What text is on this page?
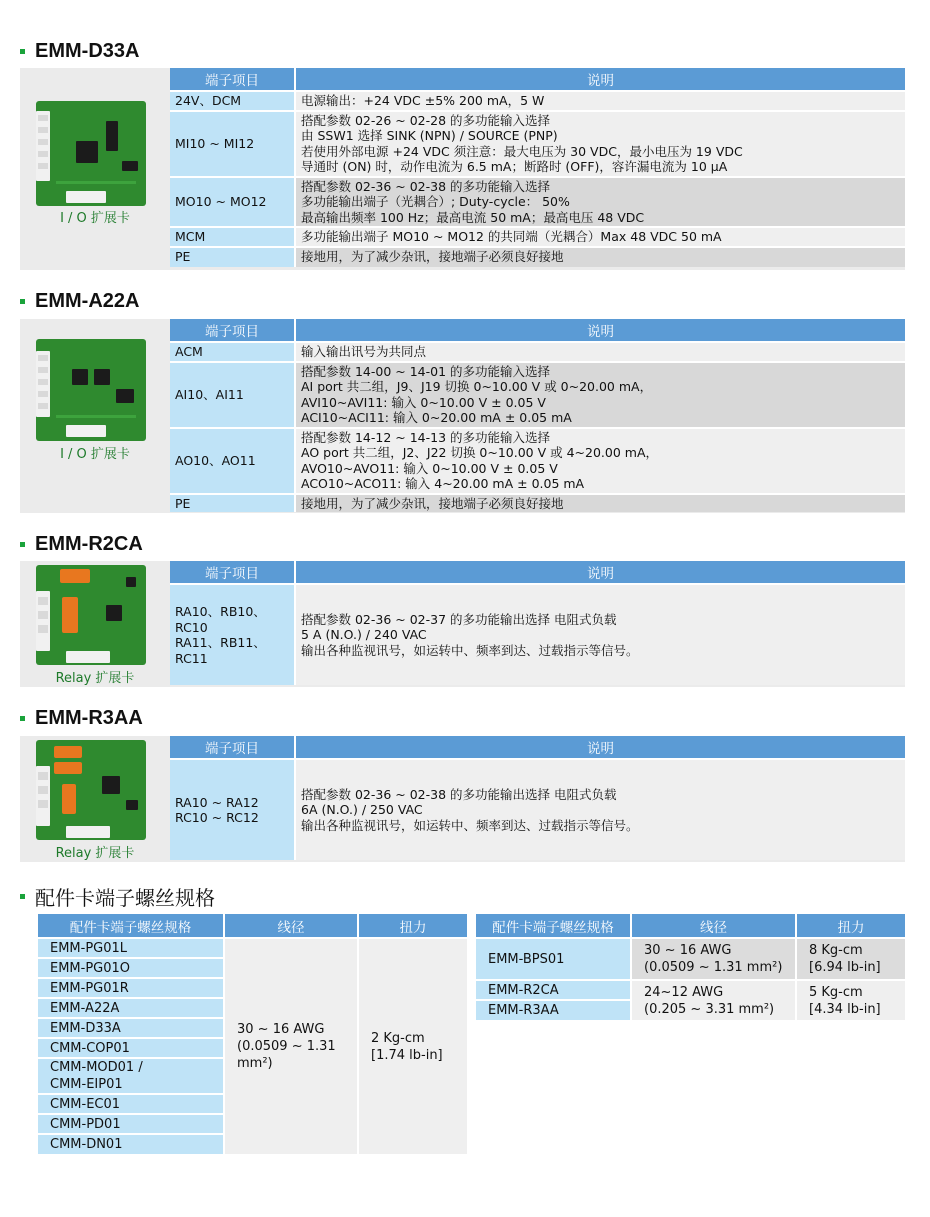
EMM-D33A
I / O 扩展卡
端子项目	说明

24V、DCM	电源输出：+24 VDC ±5% 200 mA，5 W

MI10 ~ MI12	搭配参数 02-26 ~ 02-28 的多功能输入选择
由 SSW1 选择 SINK (NPN) / SOURCE (PNP)
若使用外部电源 +24 VDC 须注意：最大电压为 30 VDC，最小电压为 19 VDC
导通时 (ON) 时，动作电流为 6.5 mA；断路时 (OFF)，容许漏电流为 10 μA

MO10 ~ MO12	搭配参数 02-36 ~ 02-38 的多功能输入选择
多功能输出端子（光耦合）; Duty-cycle： 50%
最高输出频率 100 Hz；最高电流 50 mA；最高电压 48 VDC

MCM	多功能输出端子 MO10 ~ MO12 的共同端（光耦合）Max 48 VDC 50 mA

PE	接地用，为了减少杂讯，接地端子必须良好接地
EMM-A22A
I / O 扩展卡
端子项目	说明

ACM	输入输出讯号为共同点

AI10、AI11	搭配参数 14-00 ~ 14-01 的多功能输入选择
AI port 共二组，J9、J19 切换 0~10.00 V 或 0~20.00 mA，
AVI10~AVI11: 输入 0~10.00 V ± 0.05 V
ACI10~ACI11: 输入 0~20.00 mA ± 0.05 mA

AO10、AO11	搭配参数 14-12 ~ 14-13 的多功能输入选择
AO port 共二组，J2、J22 切换 0~10.00 V 或 4~20.00 mA，
AVO10~AVO11: 输入 0~10.00 V ± 0.05 V
ACO10~ACO11: 输入 4~20.00 mA ± 0.05 mA

PE	接地用，为了减少杂讯，接地端子必须良好接地
EMM-R2CA
Relay 扩展卡
端子项目	说明

RA10、RB10、
RC10
RA11、RB11、
RC11	搭配参数 02-36 ~ 02-37 的多功能输出选择 电阻式负载
5 A (N.O.) / 240 VAC
输出各种监视讯号，如运转中、频率到达、过载指示等信号。
EMM-R3AA
Relay 扩展卡
端子项目	说明

RA10 ~ RA12
RC10 ~ RC12	搭配参数 02-36 ~ 02-38 的多功能输出选择 电阻式负载
6A (N.O.) / 250 VAC
输出各种监视讯号，如运转中、频率到达、过载指示等信号。
配件卡端子螺丝规格
配件卡端子螺丝规格	线径	扭力
EMM-PG01L	30 ~ 16 AWG
(0.0509 ~ 1.31
mm²)	2 Kg-cm
[1.74 lb-in]

EMM-PG01O		
EMM-PG01R		
EMM-A22A		
EMM-D33A		
CMM-COP01		
CMM-MOD01 /
CMM-EIP01		
CMM-EC01		
CMM-PD01		
CMM-DN01		
配件卡端子螺丝规格	线径	扭力
EMM-BPS01	30 ~ 16 AWG
(0.0509 ~ 1.31 mm²)	8 Kg-cm
[6.94 lb-in]

EMM-R2CA	24~12 AWG
(0.205 ~ 3.31 mm²)	5 Kg-cm
[4.34 lb-in]

EMM-R3AA		
